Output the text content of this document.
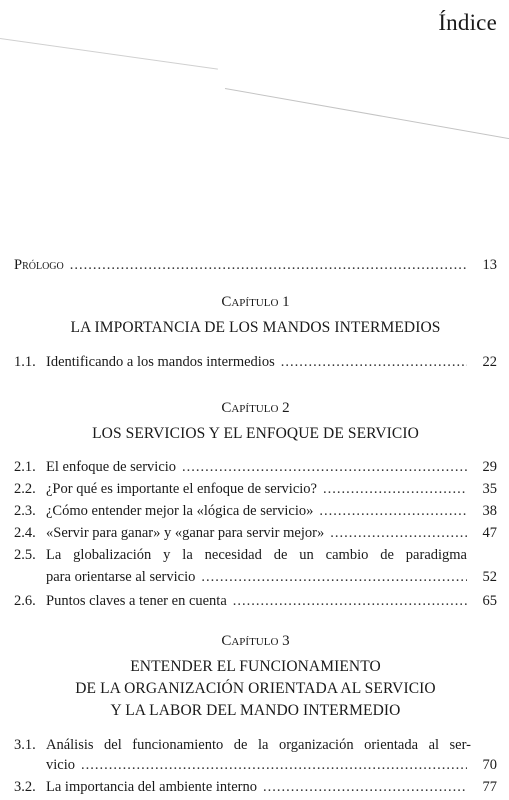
Índice
Prólogo .....	13
Capítulo 1
LA IMPORTANCIA DE LOS MANDOS INTERMEDIOS
1.1. Identificando a los mandos intermedios .....	22
Capítulo 2
LOS SERVICIOS Y EL ENFOQUE DE SERVICIO
2.1. El enfoque de servicio .....	29
2.2. ¿Por qué es importante el enfoque de servicio? .....	35
2.3. ¿Cómo entender mejor la «lógica de servicio» .....	38
2.4. «Servir para ganar» y «ganar para servir mejor» .....	47
2.5. La globalización y la necesidad de un cambio de paradigma
para orientarse al servicio .....	52
2.6. Puntos claves a tener en cuenta .....	65
Capítulo 3
ENTENDER EL FUNCIONAMIENTO
DE LA ORGANIZACIÓN ORIENTADA AL SERVICIO
Y LA LABOR DEL MANDO INTERMEDIO
3.1. Análisis del funcionamiento de la organización orientada al ser-
vicio .....	70
3.2. La importancia del ambiente interno .....	77
